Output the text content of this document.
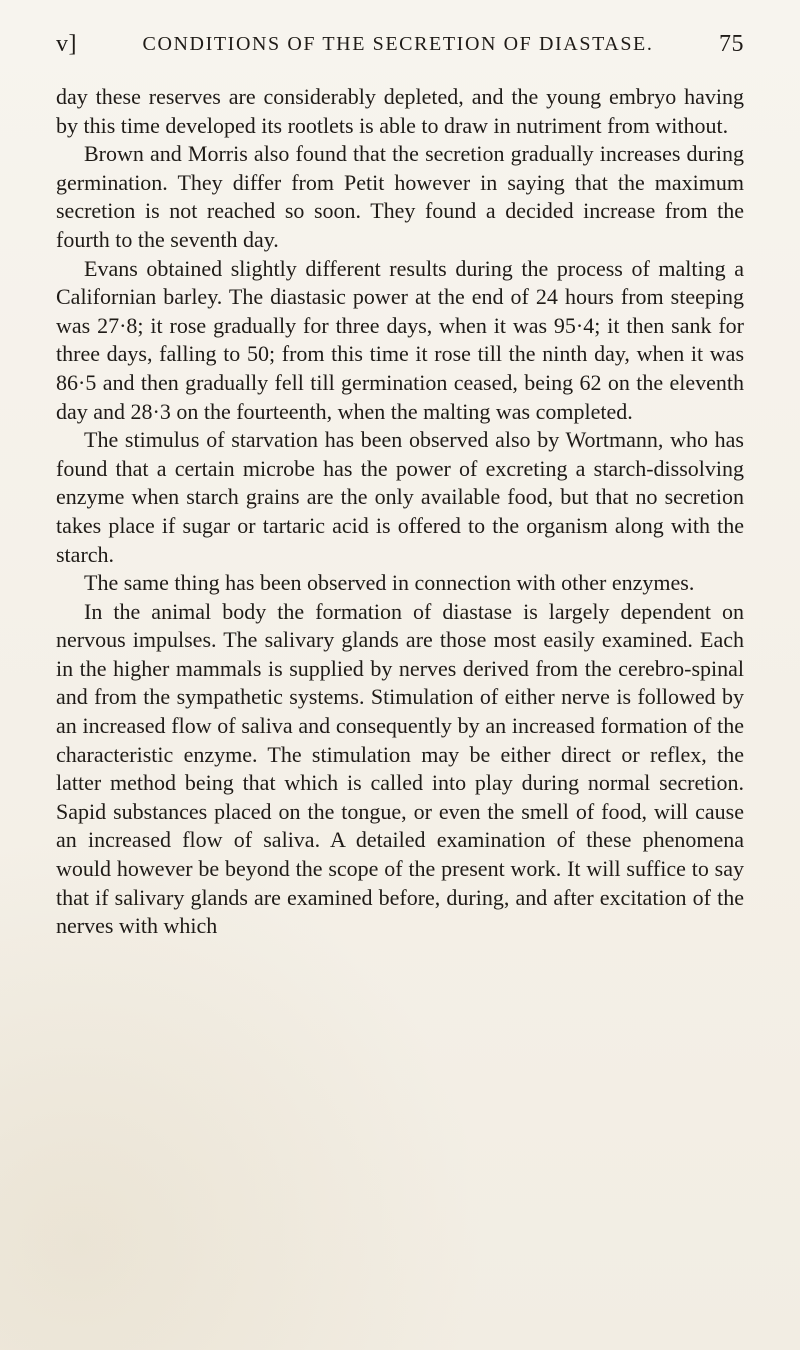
v]	CONDITIONS OF THE SECRETION OF DIASTASE.	75

day these reserves are considerably depleted, and the young embryo having by this time developed its rootlets is able to draw in nutriment from without.

Brown and Morris also found that the secretion gradually increases during germination. They differ from Petit however in saying that the maximum secretion is not reached so soon. They found a decided increase from the fourth to the seventh day.

Evans obtained slightly different results during the process of malting a Californian barley. The diastasic power at the end of 24 hours from steeping was 27·8; it rose gradually for three days, when it was 95·4; it then sank for three days, falling to 50; from this time it rose till the ninth day, when it was 86·5 and then gradually fell till germination ceased, being 62 on the eleventh day and 28·3 on the fourteenth, when the malting was completed.

The stimulus of starvation has been observed also by Wortmann, who has found that a certain microbe has the power of excreting a starch-dissolving enzyme when starch grains are the only available food, but that no secretion takes place if sugar or tartaric acid is offered to the organism along with the starch.

The same thing has been observed in connection with other enzymes.

In the animal body the formation of diastase is largely dependent on nervous impulses. The salivary glands are those most easily examined. Each in the higher mammals is supplied by nerves derived from the cerebro-spinal and from the sympathetic systems. Stimulation of either nerve is followed by an increased flow of saliva and consequently by an increased formation of the characteristic enzyme. The stimulation may be either direct or reflex, the latter method being that which is called into play during normal secretion. Sapid substances placed on the tongue, or even the smell of food, will cause an increased flow of saliva. A detailed examination of these phenomena would however be beyond the scope of the present work. It will suffice to say that if salivary glands are examined before, during, and after excitation of the nerves with which
